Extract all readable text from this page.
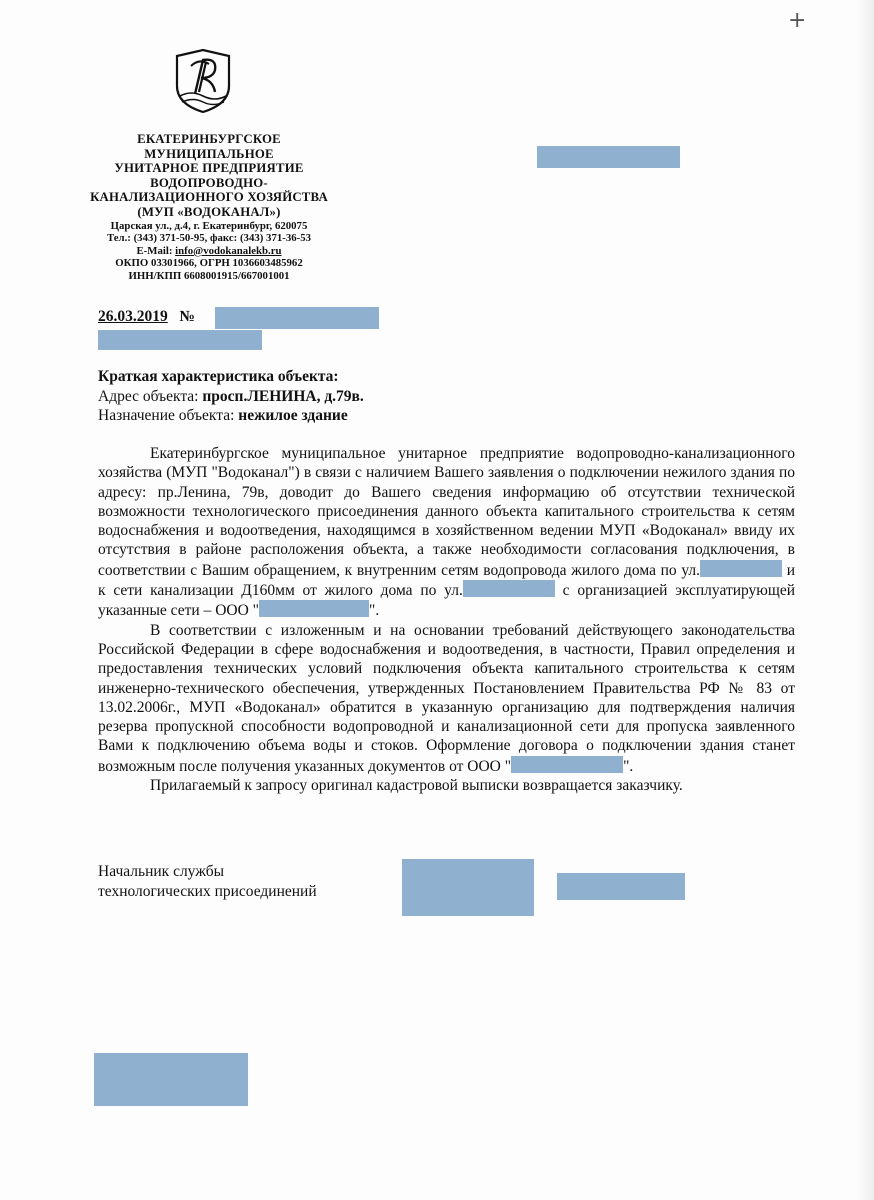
+
ЕКАТЕРИНБУРГСКОЕ
МУНИЦИПАЛЬНОЕ
УНИТАРНОЕ ПРЕДПРИЯТИЕ
ВОДОПРОВОДНО-
КАНАЛИЗАЦИОННОГО ХОЗЯЙСТВА
(МУП «ВОДОКАНАЛ»)
Царская ул., д.4, г. Екатеринбург, 620075
Тел.: (343) 371-50-95, факс: (343) 371-36-53
E-Mail: info@vodokanalekb.ru
ОКПО 03301966, ОГРН 1036603485962
ИНН/КПП 6608001915/667001001
26.03.2019 №
Краткая характеристика объекта:
Адрес объекта: просп.ЛЕНИНА, д.79в.
Назначение объекта: нежилое здание

Екатеринбургское муниципальное унитарное предприятие водопроводно-канализационного хозяйства (МУП "Водоканал") в связи с наличием Вашего заявления о подключении нежилого здания по адресу: пр.Ленина, 79в, доводит до Вашего сведения информацию об отсутствии технической возможности технологического присоединения данного объекта капитального строительства к сетям водоснабжения и водоотведения, находящимся в хозяйственном ведении МУП «Водоканал» ввиду их отсутствия в районе расположения объекта, а также необходимости согласования подключения, в соответствии с Вашим обращением, к внутренним сетям водопровода жилого дома по ул.	и к сети канализации Д160мм от жилого дома по ул.	с организацией эксплуатирующей указанные сети – ООО "	".

В соответствии с изложенным и на основании требований действующего законодательства Российской Федерации в сфере водоснабжения и водоотведения, в частности, Правил определения и предоставления технических условий подключения объекта капитального строительства к сетям инженерно-технического обеспечения, утвержденных Постановлением Правительства РФ № 83 от 13.02.2006г., МУП «Водоканал» обратится в указанную организацию для подтверждения наличия резерва пропускной способности водопроводной и канализационной сети для пропуска заявленного Вами к подключению объема воды и стоков. Оформление договора о подключении здания станет возможным после получения указанных документов от ООО "	".

Прилагаемый к запросу оригинал кадастровой выписки возвращается заказчику.

Начальник службы
технологических присоединений
